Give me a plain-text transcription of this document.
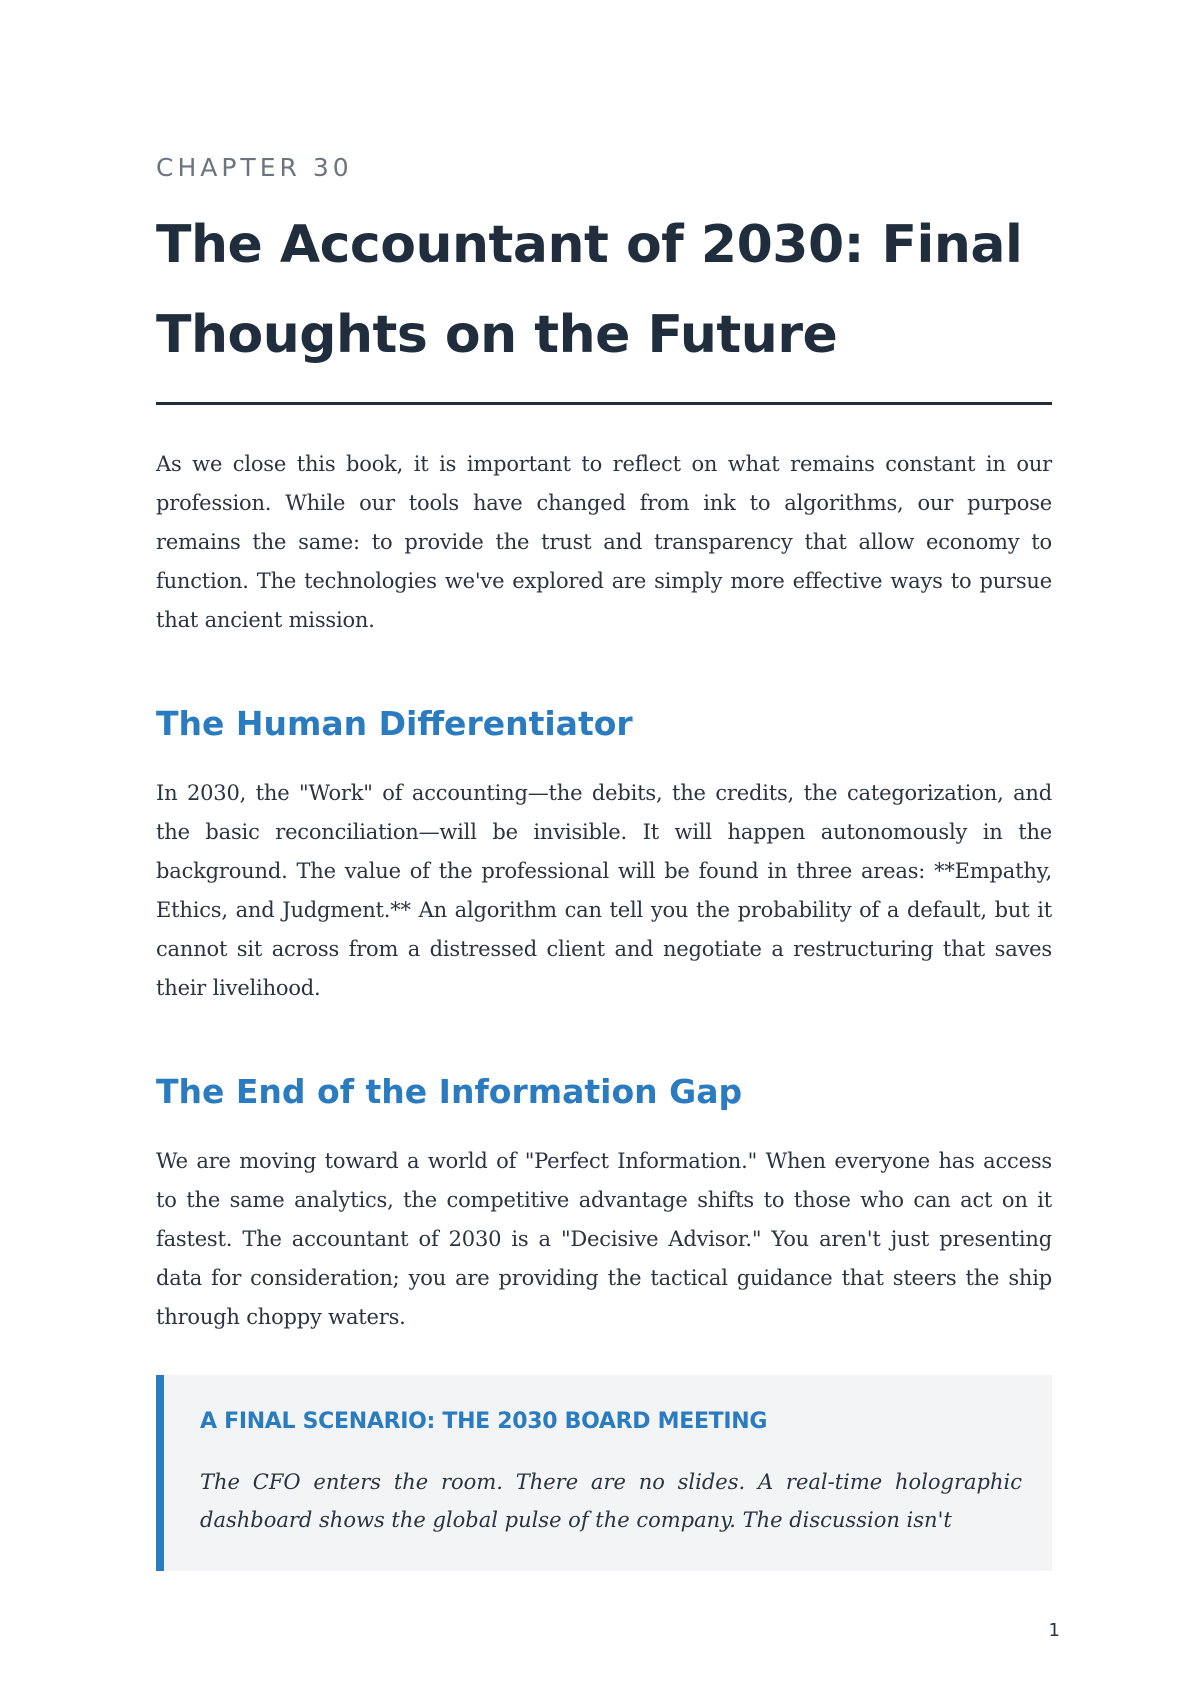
CHAPTER 30
The Accountant of 2030: Final Thoughts on the Future

As we close this book, it is important to reflect on what remains constant in our profession. While our tools have changed from ink to algorithms, our purpose remains the same: to provide the trust and transparency that allow economy to function. The technologies we've explored are simply more effective ways to pursue that ancient mission.

The Human Differentiator

In 2030, the "Work" of accounting—the debits, the credits, the categorization, and the basic reconciliation—will be invisible. It will happen autonomously in the background. The value of the professional will be found in three areas: **Empathy, Ethics, and Judgment.** An algorithm can tell you the probability of a default, but it cannot sit across from a distressed client and negotiate a restructuring that saves their livelihood.

The End of the Information Gap

We are moving toward a world of "Perfect Information." When everyone has access to the same analytics, the competitive advantage shifts to those who can act on it fastest. The accountant of 2030 is a "Decisive Advisor." You aren't just presenting data for consideration; you are providing the tactical guidance that steers the ship through choppy waters.

A FINAL SCENARIO: THE 2030 BOARD MEETING

The CFO enters the room. There are no slides. A real-time holographic dashboard shows the global pulse of the company. The discussion isn't

1
